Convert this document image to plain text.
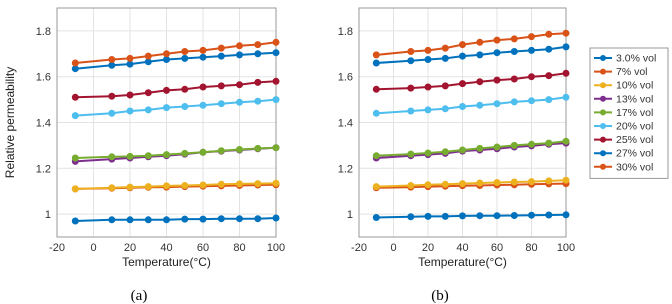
-20 0 20 40 60 80 100
1
1.2
1.4
1.6
1.8
Temperature(°C)
Relative permeability
-20 0 20 40 60 80 100
1
1.2
1.4
1.6
1.8
Temperature(°C)
3.0% vol
7% vol
10% vol
13% vol
17% vol
20% vol
25% vol
27% vol
30% vol
(a)	(b)
